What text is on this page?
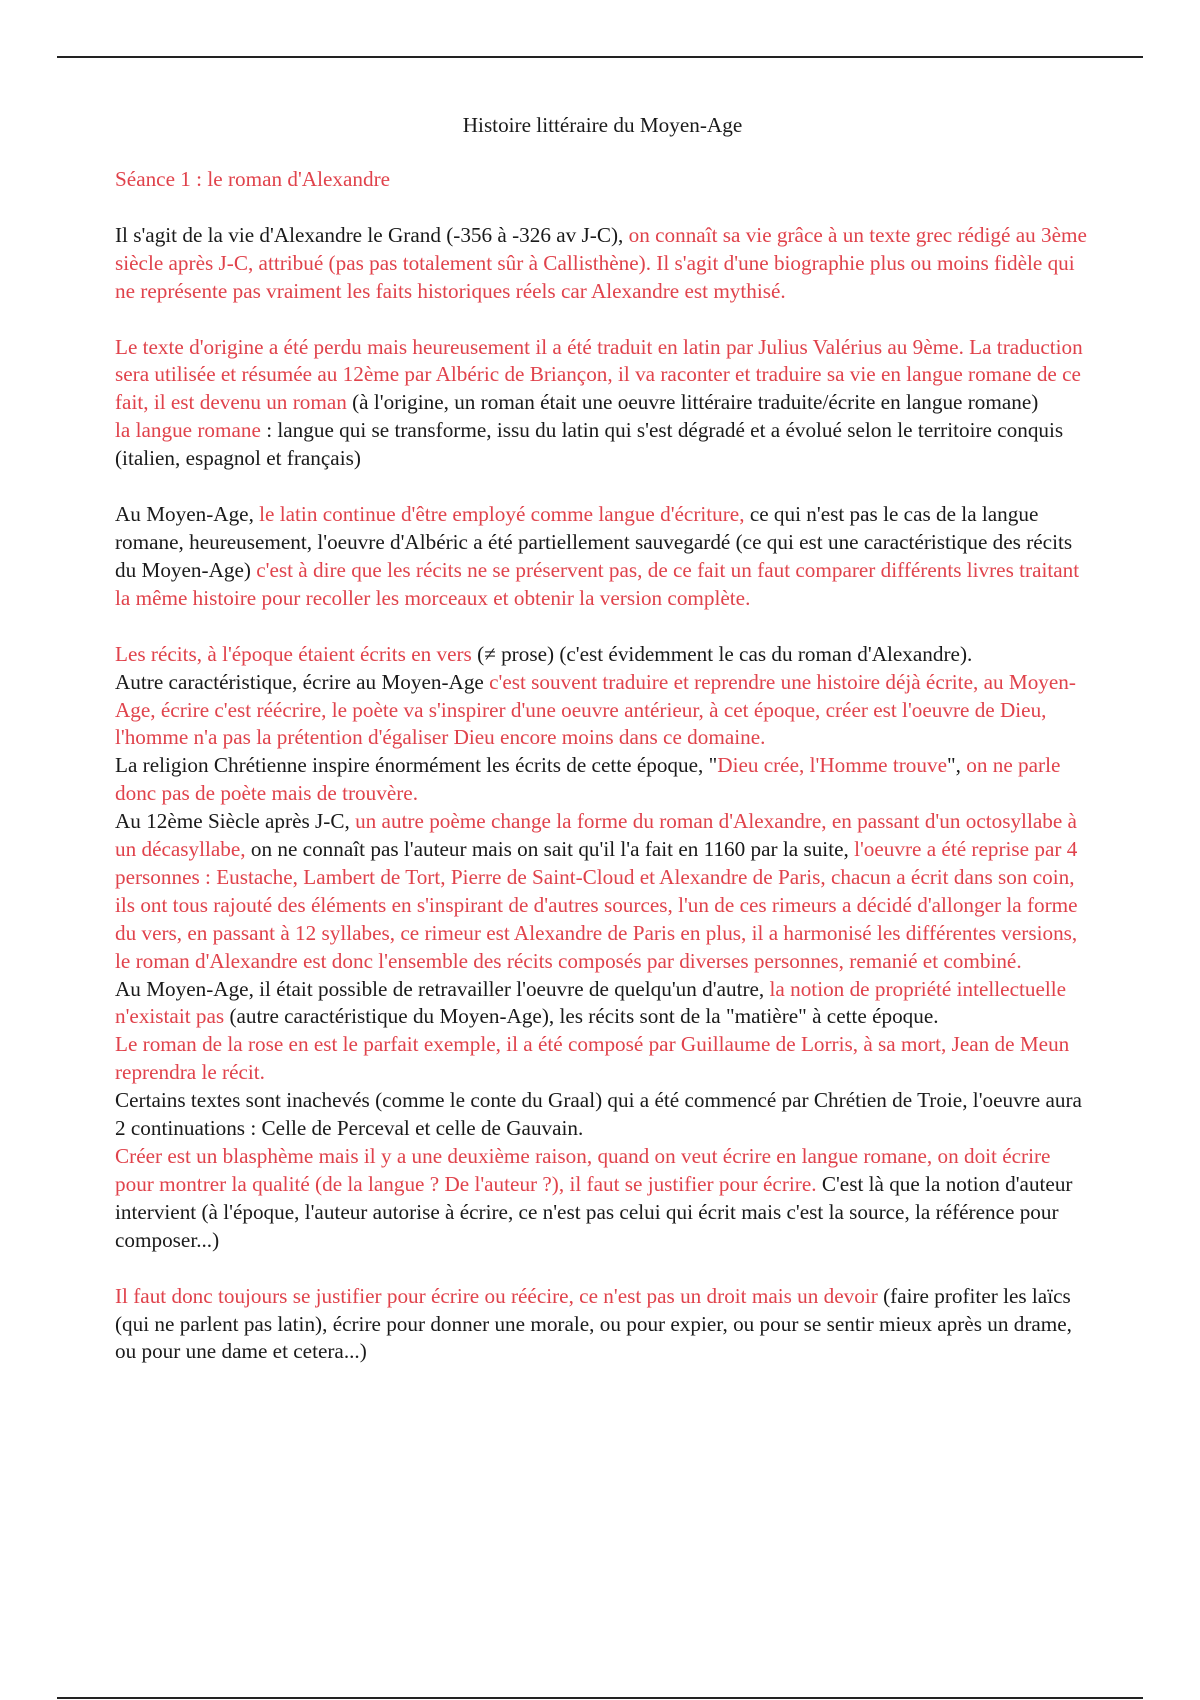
Histoire littéraire du Moyen-Age
Séance 1 : le roman d'Alexandre

Il s'agit de la vie d'Alexandre le Grand (-356 à -326 av J-C), on connaît sa vie grâce à un texte grec rédigé au 3ème siècle après J-C, attribué (pas pas totalement sûr à Callisthène). Il s'agit d'une biographie plus ou moins fidèle qui ne représente pas vraiment les faits historiques réels car Alexandre est mythisé.

Le texte d'origine a été perdu mais heureusement il a été traduit en latin par Julius Valérius au 9ème. La traduction sera utilisée et résumée au 12ème par Albéric de Briançon, il va raconter et traduire sa vie en langue romane de ce fait, il est devenu un roman (à l'origine, un roman était une oeuvre littéraire traduite/écrite en langue romane)

la langue romane : langue qui se transforme, issu du latin qui s'est dégradé et a évolué selon le territoire conquis (italien, espagnol et français)

Au Moyen-Age, le latin continue d'être employé comme langue d'écriture, ce qui n'est pas le cas de la langue romane, heureusement, l'oeuvre d'Albéric a été partiellement sauvegardé (ce qui est une caractéristique des récits du Moyen-Age) c'est à dire que les récits ne se préservent pas, de ce fait un faut comparer différents livres traitant la même histoire pour recoller les morceaux et obtenir la version complète.

Les récits, à l'époque étaient écrits en vers (≠ prose) (c'est évidemment le cas du roman d'Alexandre).

Autre caractéristique, écrire au Moyen-Age c'est souvent traduire et reprendre une histoire déjà écrite, au Moyen-Age, écrire c'est réécrire, le poète va s'inspirer d'une oeuvre antérieur, à cet époque, créer est l'oeuvre de Dieu, l'homme n'a pas la prétention d'égaliser Dieu encore moins dans ce domaine.

La religion Chrétienne inspire énormément les écrits de cette époque, "Dieu crée, l'Homme trouve", on ne parle donc pas de poète mais de trouvère.

Au 12ème Siècle après J-C, un autre poème change la forme du roman d'Alexandre, en passant d'un octosyllabe à un décasyllabe, on ne connaît pas l'auteur mais on sait qu'il l'a fait en 1160 par la suite, l'oeuvre a été reprise par 4 personnes : Eustache, Lambert de Tort, Pierre de Saint-Cloud et Alexandre de Paris, chacun a écrit dans son coin, ils ont tous rajouté des éléments en s'inspirant de d'autres sources, l'un de ces rimeurs a décidé d'allonger la forme du vers, en passant à 12 syllabes, ce rimeur est Alexandre de Paris en plus, il a harmonisé les différentes versions, le roman d'Alexandre est donc l'ensemble des récits composés par diverses personnes, remanié et combiné.

Au Moyen-Age, il était possible de retravailler l'oeuvre de quelqu'un d'autre, la notion de propriété intellectuelle n'existait pas (autre caractéristique du Moyen-Age), les récits sont de la "matière" à cette époque.

Le roman de la rose en est le parfait exemple, il a été composé par Guillaume de Lorris, à sa mort, Jean de Meun reprendra le récit.

Certains textes sont inachevés (comme le conte du Graal) qui a été commencé par Chrétien de Troie, l'oeuvre aura 2 continuations : Celle de Perceval et celle de Gauvain.

Créer est un blasphème mais il y a une deuxième raison, quand on veut écrire en langue romane, on doit écrire pour montrer la qualité (de la langue ? De l'auteur ?), il faut se justifier pour écrire. C'est là que la notion d'auteur intervient (à l'époque, l'auteur autorise à écrire, ce n'est pas celui qui écrit mais c'est la source, la référence pour composer...)

Il faut donc toujours se justifier pour écrire ou réécire, ce n'est pas un droit mais un devoir (faire profiter les laïcs (qui ne parlent pas latin), écrire pour donner une morale, ou pour expier, ou pour se sentir mieux après un drame, ou pour une dame et cetera...)
